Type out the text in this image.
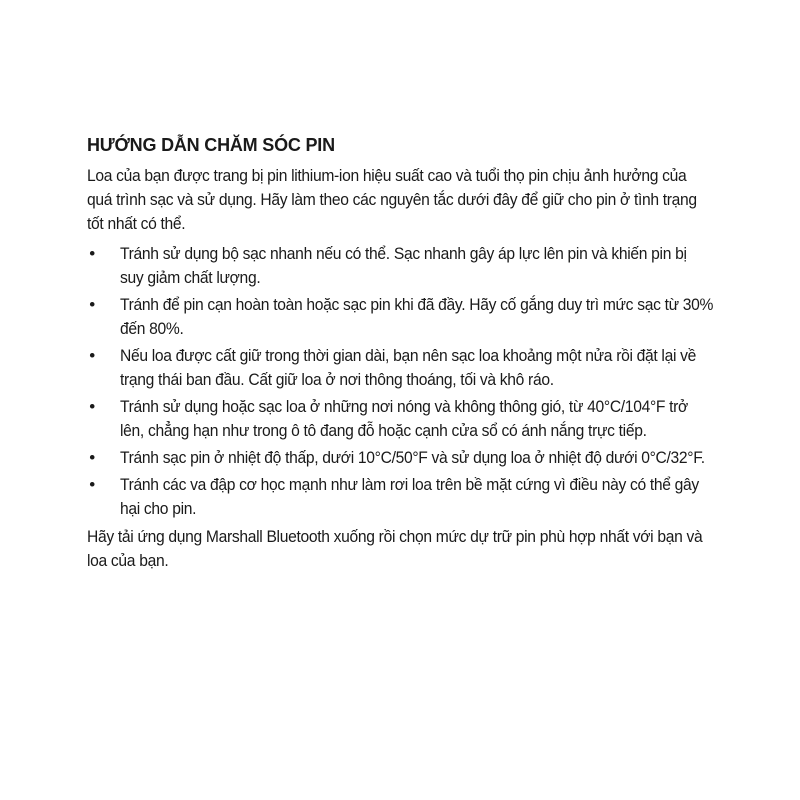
HƯỚNG DẪN CHĂM SÓC PIN

Loa của bạn được trang bị pin lithium-ion hiệu suất cao và tuổi thọ pin chịu ảnh hưởng của quá trình sạc và sử dụng. Hãy làm theo các nguyên tắc dưới đây để giữ cho pin ở tình trạng tốt nhất có thể.

• Tránh sử dụng bộ sạc nhanh nếu có thể. Sạc nhanh gây áp lực lên pin và khiến pin bị suy giảm chất lượng.
• Tránh để pin cạn hoàn toàn hoặc sạc pin khi đã đầy. Hãy cố gắng duy trì mức sạc từ 30% đến 80%.
• Nếu loa được cất giữ trong thời gian dài, bạn nên sạc loa khoảng một nửa rồi đặt lại về trạng thái ban đầu. Cất giữ loa ở nơi thông thoáng, tối và khô ráo.
• Tránh sử dụng hoặc sạc loa ở những nơi nóng và không thông gió, từ 40°C/104°F trở lên, chẳng hạn như trong ô tô đang đỗ hoặc cạnh cửa sổ có ánh nắng trực tiếp.
• Tránh sạc pin ở nhiệt độ thấp, dưới 10°C/50°F và sử dụng loa ở nhiệt độ dưới 0°C/32°F.
• Tránh các va đập cơ học mạnh như làm rơi loa trên bề mặt cứng vì điều này có thể gây hại cho pin.

Hãy tải ứng dụng Marshall Bluetooth xuống rồi chọn mức dự trữ pin phù hợp nhất với bạn và loa của bạn.
